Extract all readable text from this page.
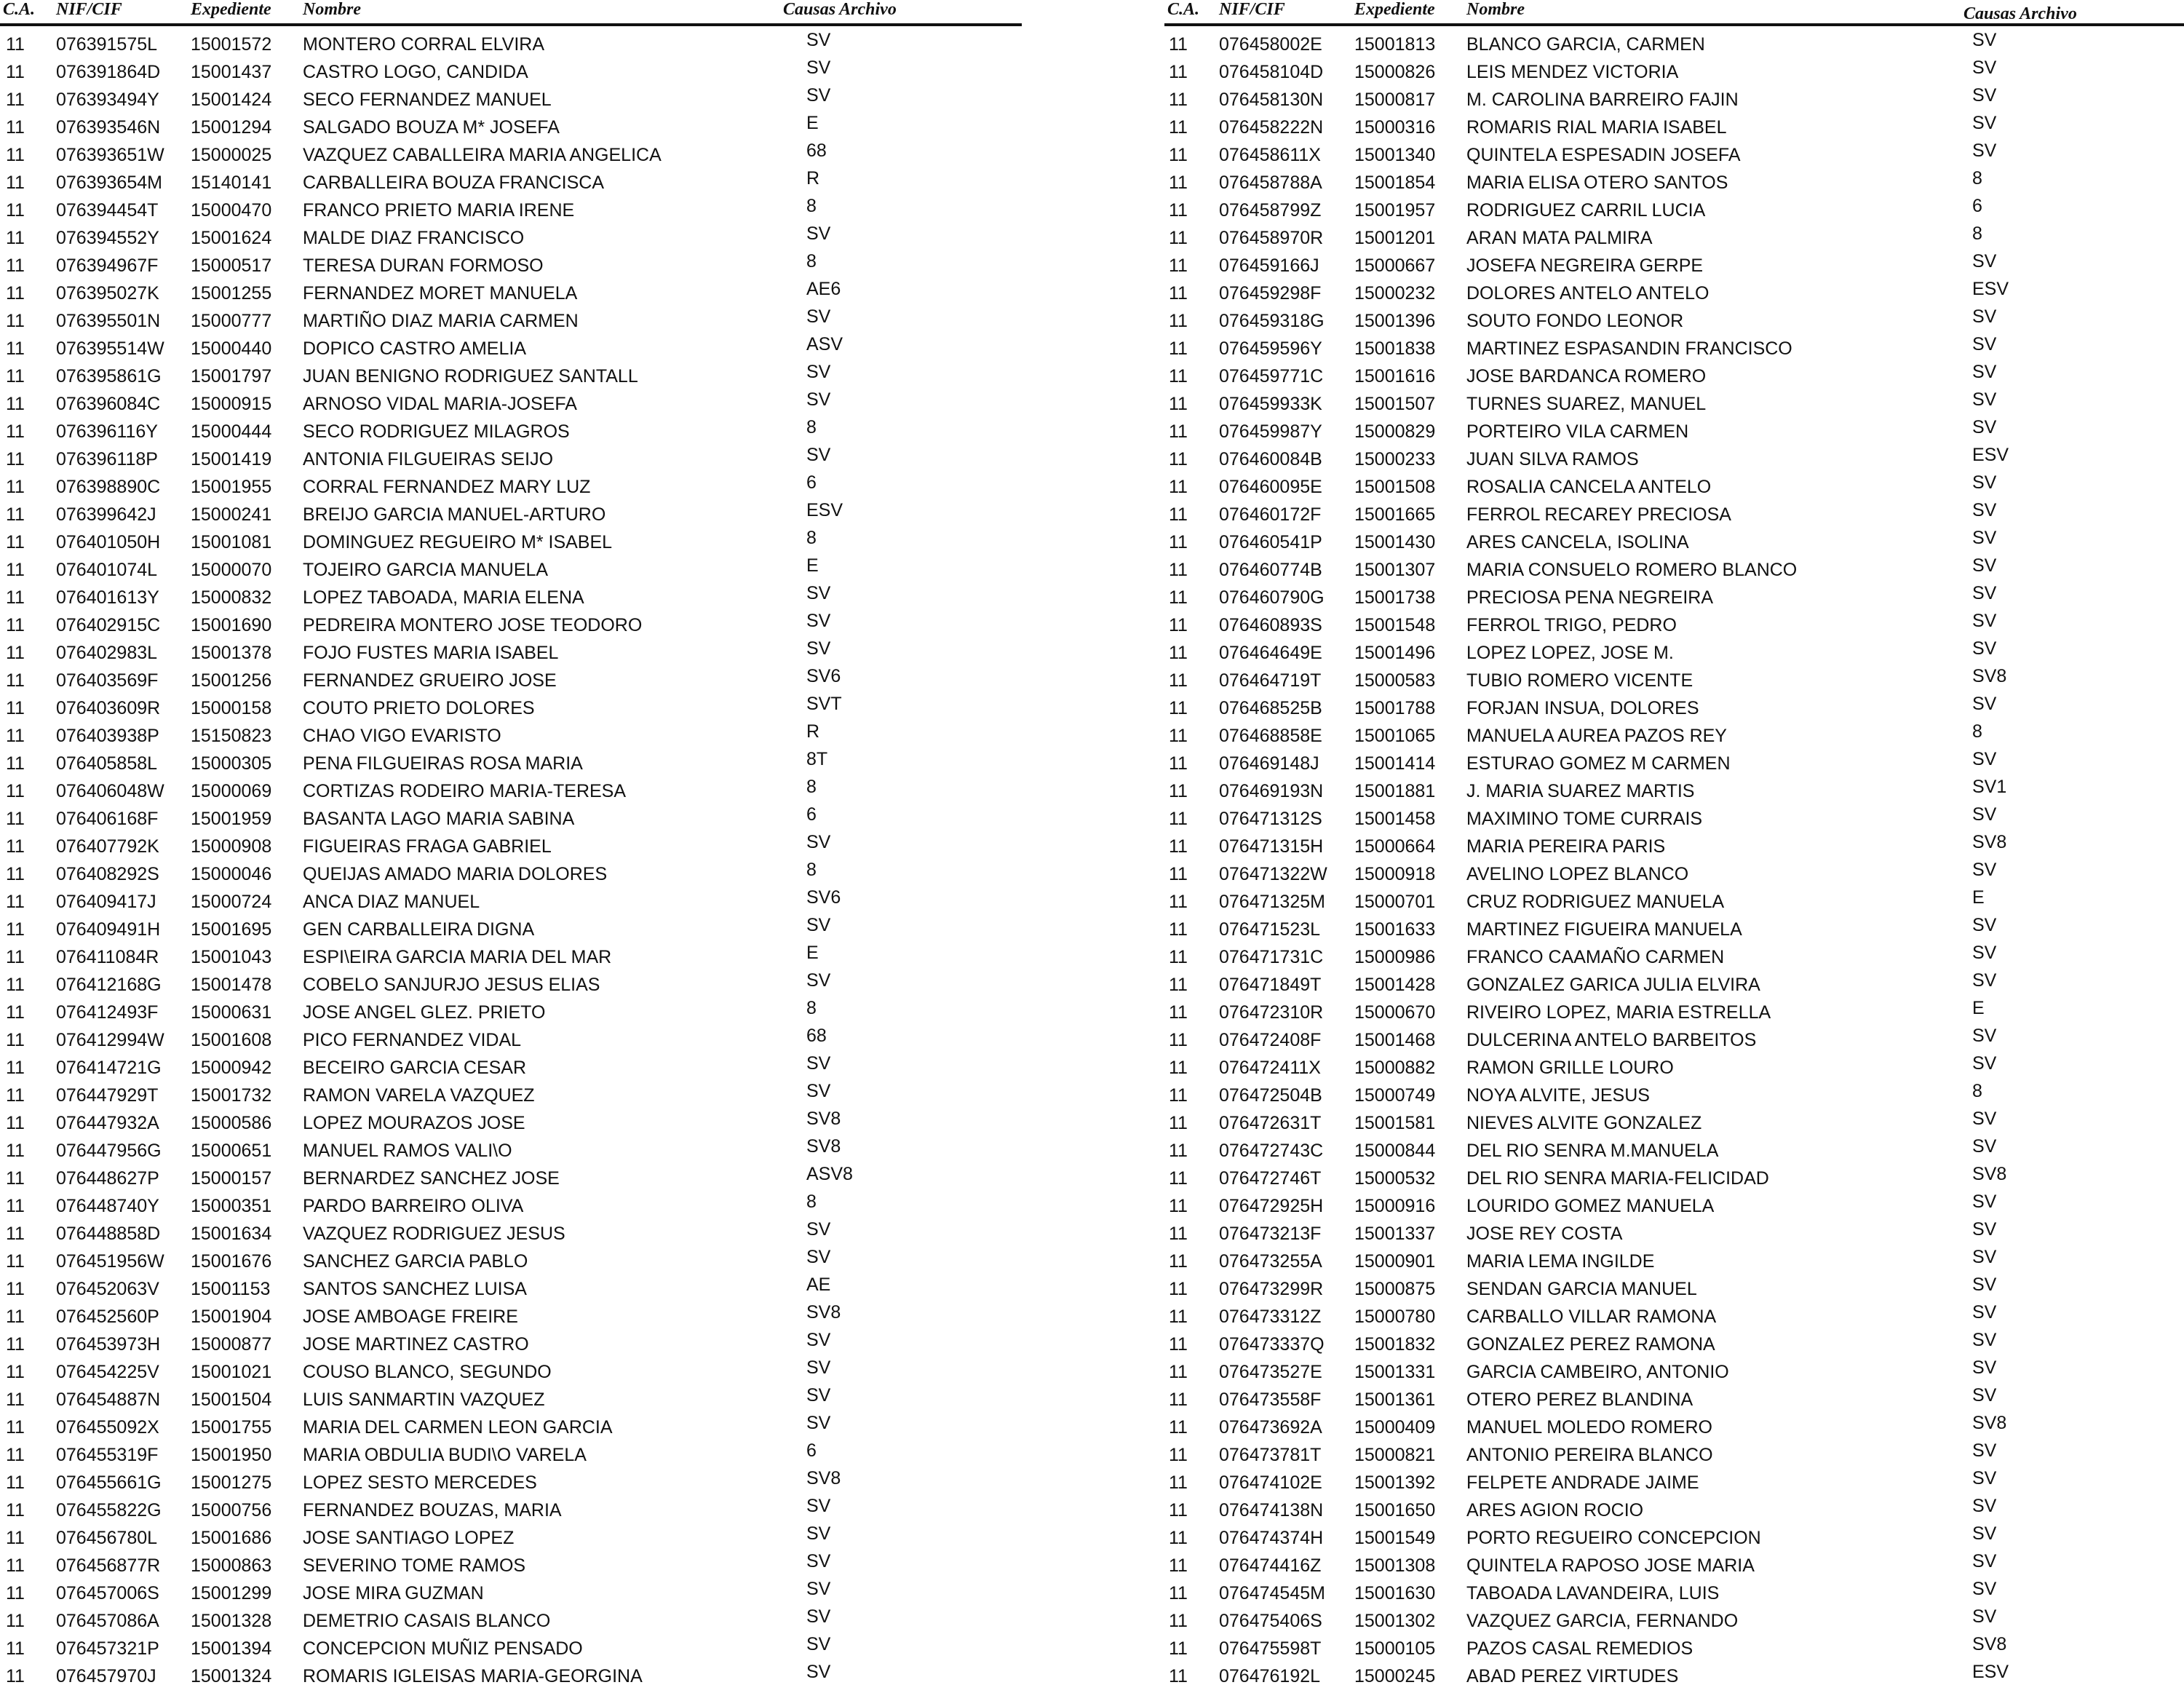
C.A. NIF/CIF	Expediente Nombre	Causas Archivo
11 076391575L 15001572 MONTERO CORRAL ELVIRA	SV
11 076391864D 15001437 CASTRO LOGO, CANDIDA	SV
11 076393494Y 15001424 SECO FERNANDEZ MANUEL	SV
11 076393546N 15001294 SALGADO BOUZA M* JOSEFA	E
11 076393651W 15000025 VAZQUEZ CABALLEIRA MARIA ANGELICA	68
11 076393654M 15140141 CARBALLEIRA BOUZA FRANCISCA	R
11 076394454T 15000470 FRANCO PRIETO MARIA IRENE	8
11 076394552Y 15001624 MALDE DIAZ FRANCISCO	SV
11 076394967F 15000517 TERESA DURAN FORMOSO	8
11 076395027K 15001255 FERNANDEZ MORET MANUELA	AE6
11 076395501N 15000777 MARTIÑO DIAZ MARIA CARMEN	SV
11 076395514W 15000440 DOPICO CASTRO AMELIA	ASV
11 076395861G 15001797 JUAN BENIGNO RODRIGUEZ SANTALL	SV
11 076396084C 15000915 ARNOSO VIDAL MARIA-JOSEFA	SV
11 076396116Y 15000444 SECO RODRIGUEZ MILAGROS	8
11 076396118P 15001419 ANTONIA FILGUEIRAS SEIJO	SV
11 076398890C 15001955 CORRAL FERNANDEZ MARY LUZ	6
11 076399642J 15000241 BREIJO GARCIA MANUEL-ARTURO	ESV
11 076401050H 15001081 DOMINGUEZ REGUEIRO M* ISABEL	8
11 076401074L 15000070 TOJEIRO GARCIA MANUELA	E
11 076401613Y 15000832 LOPEZ TABOADA, MARIA ELENA	SV
11 076402915C 15001690 PEDREIRA MONTERO JOSE TEODORO	SV
11 076402983L 15001378 FOJO FUSTES MARIA ISABEL	SV
11 076403569F 15001256 FERNANDEZ GRUEIRO JOSE	SV6
11 076403609R 15000158 COUTO PRIETO DOLORES	SVT
11 076403938P 15150823 CHAO VIGO EVARISTO	R
11 076405858L 15000305 PENA FILGUEIRAS ROSA MARIA	8T
11 076406048W 15000069 CORTIZAS RODEIRO MARIA-TERESA	8
11 076406168F 15001959 BASANTA LAGO MARIA SABINA	6
11 076407792K 15000908 FIGUEIRAS FRAGA GABRIEL	SV
11 076408292S 15000046 QUEIJAS AMADO MARIA DOLORES	8
11 076409417J 15000724 ANCA DIAZ MANUEL	SV6
11 076409491H 15001695 GEN CARBALLEIRA DIGNA	SV
11 076411084R 15001043 ESPI\EIRA GARCIA MARIA DEL MAR	E
11 076412168G 15001478 COBELO SANJURJO JESUS ELIAS	SV
11 076412493F 15000631 JOSE ANGEL GLEZ. PRIETO	8
11 076412994W 15001608 PICO FERNANDEZ VIDAL	68
11 076414721G 15000942 BECEIRO GARCIA CESAR	SV
11 076447929T 15001732 RAMON VARELA VAZQUEZ	SV
11 076447932A 15000586 LOPEZ MOURAZOS JOSE	SV8
11 076447956G 15000651 MANUEL RAMOS VALI\O	SV8
11 076448627P 15000157 BERNARDEZ SANCHEZ JOSE	ASV8
11 076448740Y 15000351 PARDO BARREIRO OLIVA	8
11 076448858D 15001634 VAZQUEZ RODRIGUEZ JESUS	SV
11 076451956W 15001676 SANCHEZ GARCIA PABLO	SV
11 076452063V 15001153 SANTOS SANCHEZ LUISA	AE
11 076452560P 15001904 JOSE AMBOAGE FREIRE	SV8
11 076453973H 15000877 JOSE MARTINEZ CASTRO	SV
11 076454225V 15001021 COUSO BLANCO, SEGUNDO	SV
11 076454887N 15001504 LUIS SANMARTIN VAZQUEZ	SV
11 076455092X 15001755 MARIA DEL CARMEN LEON GARCIA	SV
11 076455319F 15001950 MARIA OBDULIA BUDI\O VARELA	6
11 076455661G 15001275 LOPEZ SESTO MERCEDES	SV8
11 076455822G 15000756 FERNANDEZ BOUZAS, MARIA	SV
11 076456780L 15001686 JOSE SANTIAGO LOPEZ	SV
11 076456877R 15000863 SEVERINO TOME RAMOS	SV
11 076457006S 15001299 JOSE MIRA GUZMAN	SV
11 076457086A 15001328 DEMETRIO CASAIS BLANCO	SV
11 076457321P 15001394 CONCEPCION MUÑIZ PENSADO	SV
11 076457970J 15001324 ROMARIS IGLEISAS MARIA-GEORGINA	SV
C.A. NIF/CIF	Expediente Nombre	Causas Archivo
11 076458002E 15001813 BLANCO GARCIA, CARMEN	SV
11 076458104D 15000826 LEIS MENDEZ VICTORIA	SV
11 076458130N 15000817 M. CAROLINA BARREIRO FAJIN	SV
11 076458222N 15000316 ROMARIS RIAL MARIA ISABEL	SV
11 076458611X 15001340 QUINTELA ESPESADIN JOSEFA	SV
11 076458788A 15001854 MARIA ELISA OTERO SANTOS	8
11 076458799Z 15001957 RODRIGUEZ CARRIL LUCIA	6
11 076458970R 15001201 ARAN MATA PALMIRA	8
11 076459166J 15000667 JOSEFA NEGREIRA GERPE	SV
11 076459298F 15000232 DOLORES ANTELO ANTELO	ESV
11 076459318G 15001396 SOUTO FONDO LEONOR	SV
11 076459596Y 15001838 MARTINEZ ESPASANDIN FRANCISCO	SV
11 076459771C 15001616 JOSE BARDANCA ROMERO	SV
11 076459933K 15001507 TURNES SUAREZ, MANUEL	SV
11 076459987Y 15000829 PORTEIRO VILA CARMEN	SV
11 076460084B 15000233 JUAN SILVA RAMOS	ESV
11 076460095E 15001508 ROSALIA CANCELA ANTELO	SV
11 076460172F 15001665 FERROL RECAREY PRECIOSA	SV
11 076460541P 15001430 ARES CANCELA, ISOLINA	SV
11 076460774B 15001307 MARIA CONSUELO ROMERO BLANCO	SV
11 076460790G 15001738 PRECIOSA PENA NEGREIRA	SV
11 076460893S 15001548 FERROL TRIGO, PEDRO	SV
11 076464649E 15001496 LOPEZ LOPEZ, JOSE M.	SV
11 076464719T 15000583 TUBIO ROMERO VICENTE	SV8
11 076468525B 15001788 FORJAN INSUA, DOLORES	SV
11 076468858E 15001065 MANUELA AUREA PAZOS REY	8
11 076469148J 15001414 ESTURAO GOMEZ M CARMEN	SV
11 076469193N 15001881 J. MARIA SUAREZ MARTIS	SV1
11 076471312S 15001458 MAXIMINO TOME CURRAIS	SV
11 076471315H 15000664 MARIA PEREIRA PARIS	SV8
11 076471322W 15000918 AVELINO LOPEZ BLANCO	SV
11 076471325M 15000701 CRUZ RODRIGUEZ MANUELA	E
11 076471523L 15001633 MARTINEZ FIGUEIRA MANUELA	SV
11 076471731C 15000986 FRANCO CAAMAÑO CARMEN	SV
11 076471849T 15001428 GONZALEZ GARICA JULIA ELVIRA	SV
11 076472310R 15000670 RIVEIRO LOPEZ, MARIA ESTRELLA	E
11 076472408F 15001468 DULCERINA ANTELO BARBEITOS	SV
11 076472411X 15000882 RAMON GRILLE LOURO	SV
11 076472504B 15000749 NOYA ALVITE, JESUS	8
11 076472631T 15001581 NIEVES ALVITE GONZALEZ	SV
11 076472743C 15000844 DEL RIO SENRA M.MANUELA	SV
11 076472746T 15000532 DEL RIO SENRA MARIA-FELICIDAD	SV8
11 076472925H 15000916 LOURIDO GOMEZ MANUELA	SV
11 076473213F 15001337 JOSE REY COSTA	SV
11 076473255A 15000901 MARIA LEMA INGILDE	SV
11 076473299R 15000875 SENDAN GARCIA MANUEL	SV
11 076473312Z 15000780 CARBALLO VILLAR RAMONA	SV
11 076473337Q 15001832 GONZALEZ PEREZ RAMONA	SV
11 076473527E 15001331 GARCIA CAMBEIRO, ANTONIO	SV
11 076473558F 15001361 OTERO PEREZ BLANDINA	SV
11 076473692A 15000409 MANUEL MOLEDO ROMERO	SV8
11 076473781T 15000821 ANTONIO PEREIRA BLANCO	SV
11 076474102E 15001392 FELPETE ANDRADE JAIME	SV
11 076474138N 15001650 ARES AGION ROCIO	SV
11 076474374H 15001549 PORTO REGUEIRO CONCEPCION	SV
11 076474416Z 15001308 QUINTELA RAPOSO JOSE MARIA	SV
11 076474545M 15001630 TABOADA LAVANDEIRA, LUIS	SV
11 076475406S 15001302 VAZQUEZ GARCIA, FERNANDO	SV
11 076475598T 15000105 PAZOS CASAL REMEDIOS	SV8
11 076476192L 15000245 ABAD PEREZ VIRTUDES	ESV
